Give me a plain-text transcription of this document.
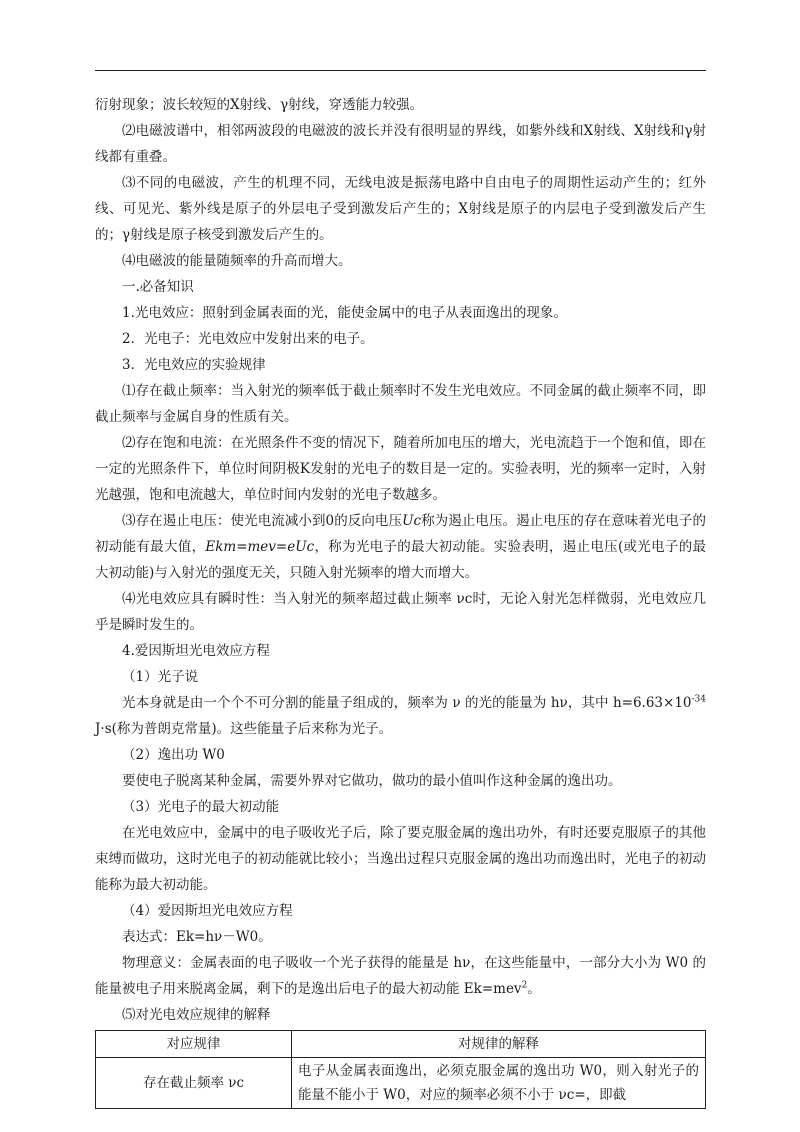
衍射现象；波长较短的X射线、γ射线，穿透能力较强。

⑵电磁波谱中，相邻两波段的电磁波的波长并没有很明显的界线，如紫外线和X射线、X射线和γ射线都有重叠。

⑶不同的电磁波，产生的机理不同，无线电波是振荡电路中自由电子的周期性运动产生的；红外线、可见光、紫外线是原子的外层电子受到激发后产生的；X射线是原子的内层电子受到激发后产生的；γ射线是原子核受到激发后产生的。

⑷电磁波的能量随频率的升高而增大。

一.必备知识

1.光电效应：照射到金属表面的光，能使金属中的电子从表面逸出的现象。

2．光电子：光电效应中发射出来的电子。

3．光电效应的实验规律

⑴存在截止频率：当入射光的频率低于截止频率时不发生光电效应。不同金属的截止频率不同，即截止频率与金属自身的性质有关。

⑵存在饱和电流：在光照条件不变的情况下，随着所加电压的增大，光电流趋于一个饱和值，即在一定的光照条件下，单位时间阴极K发射的光电子的数目是一定的。实验表明，光的频率一定时，入射光越强，饱和电流越大，单位时间内发射的光电子数越多。

⑶存在遏止电压：使光电流减小到0的反向电压Uc称为遏止电压。遏止电压的存在意味着光电子的初动能有最大值，Ekm=mev=eUc，称为光电子的最大初动能。实验表明，遏止电压(或光电子的最大初动能)与入射光的强度无关，只随入射光频率的增大而增大。

⑷光电效应具有瞬时性：当入射光的频率超过截止频率 νc时，无论入射光怎样微弱，光电效应几乎是瞬时发生的。

4.爱因斯坦光电效应方程

（1）光子说

光本身就是由一个个不可分割的能量子组成的，频率为 ν 的光的能量为 hν，其中 $h=6.63\times 10^{-34}$ J·s(称为普朗克常量)。这些能量子后来称为光子。

（2）逸出功 W0

要使电子脱离某种金属，需要外界对它做功，做功的最小值叫作这种金属的逸出功。

（3）光电子的最大初动能

在光电效应中，金属中的电子吸收光子后，除了要克服金属的逸出功外，有时还要克服原子的其他束缚而做功，这时光电子的初动能就比较小；当逸出过程只克服金属的逸出功而逸出时，光电子的初动能称为最大初动能。

（4）爱因斯坦光电效应方程

表达式：Ek=hν－W0。

物理意义：金属表面的电子吸收一个光子获得的能量是 hν，在这些能量中，一部分大小为 W0 的能量被电子用来脱离金属，剩下的是逸出后电子的最大初动能 Ek=mev$^2$。

⑸对光电效应规律的解释

对应规律	对规律的解释
存在截止频率 νc	电子从金属表面逸出，必须克服金属的逸出功 W0，则入射光子的能量不能小于 W0，对应的频率必须不小于 νc=，即截
